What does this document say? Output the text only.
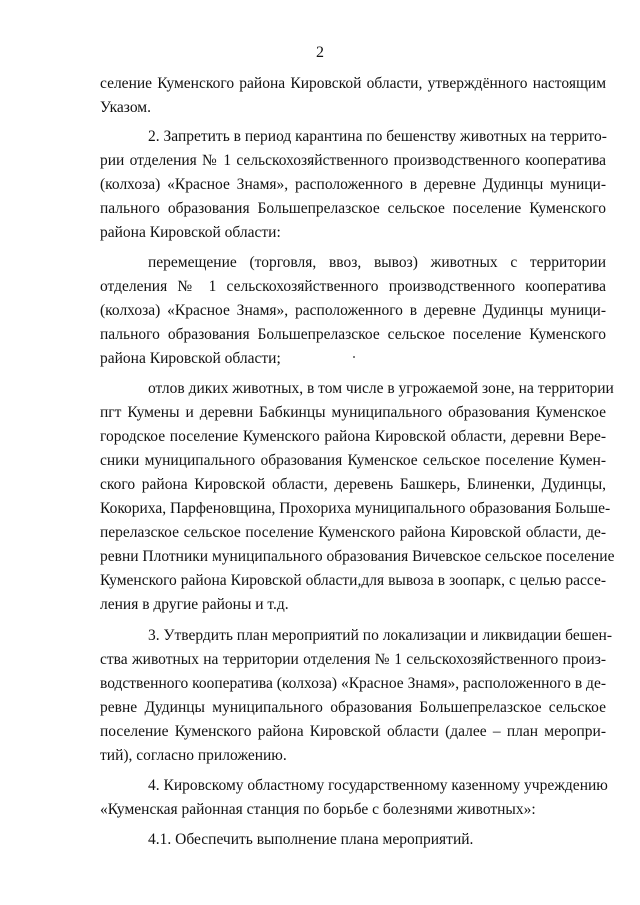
2
селение Куменского района Кировской области, утверждённого настоящим
Указом.
2. Запретить в период карантина по бешенству животных на террито-
рии отделения № 1 сельскохозяйственного производственного кооператива
(колхоза) «Красное Знамя», расположенного в деревне Дудинцы муници-
пального образования Большепрелазское сельское поселение Куменского
района Кировской области:
перемещение (торговля, ввоз, вывоз) животных с территории
отделения № 1 сельскохозяйственного производственного кооператива
(колхоза) «Красное Знамя», расположенного в деревне Дудинцы муници-
пального образования Большепрелазское сельское поселение Куменского
района Кировской области;
отлов диких животных, в том числе в угрожаемой зоне, на территории
пгт Кумены и деревни Бабкинцы муниципального образования Куменское
городское поселение Куменского района Кировской области, деревни Вере-
сники муниципального образования Куменское сельское поселение Кумен-
ского района Кировской области, деревень Башкерь, Блиненки, Дудинцы,
Кокориха, Парфеновщина, Прохориха муниципального образования Больше-
перелазское сельское поселение Куменского района Кировской области, де-
ревни Плотники муниципального образования Вичевское сельское поселение
Куменского района Кировской области,для вывоза в зоопарк, с целью рассе-
ления в другие районы и т.д.
3. Утвердить план мероприятий по локализации и ликвидации бешен-
ства животных на территории отделения № 1 сельскохозяйственного произ-
водственного кооператива (колхоза) «Красное Знамя», расположенного в де-
ревне Дудинцы муниципального образования Большепрелазское сельское
поселение Куменского района Кировской области (далее – план меропри-
тий), согласно приложению.
4. Кировскому областному государственному казенному учреждению
«Куменская районная станция по борьбе с болезнями животных»:
4.1. Обеспечить выполнение плана мероприятий.
